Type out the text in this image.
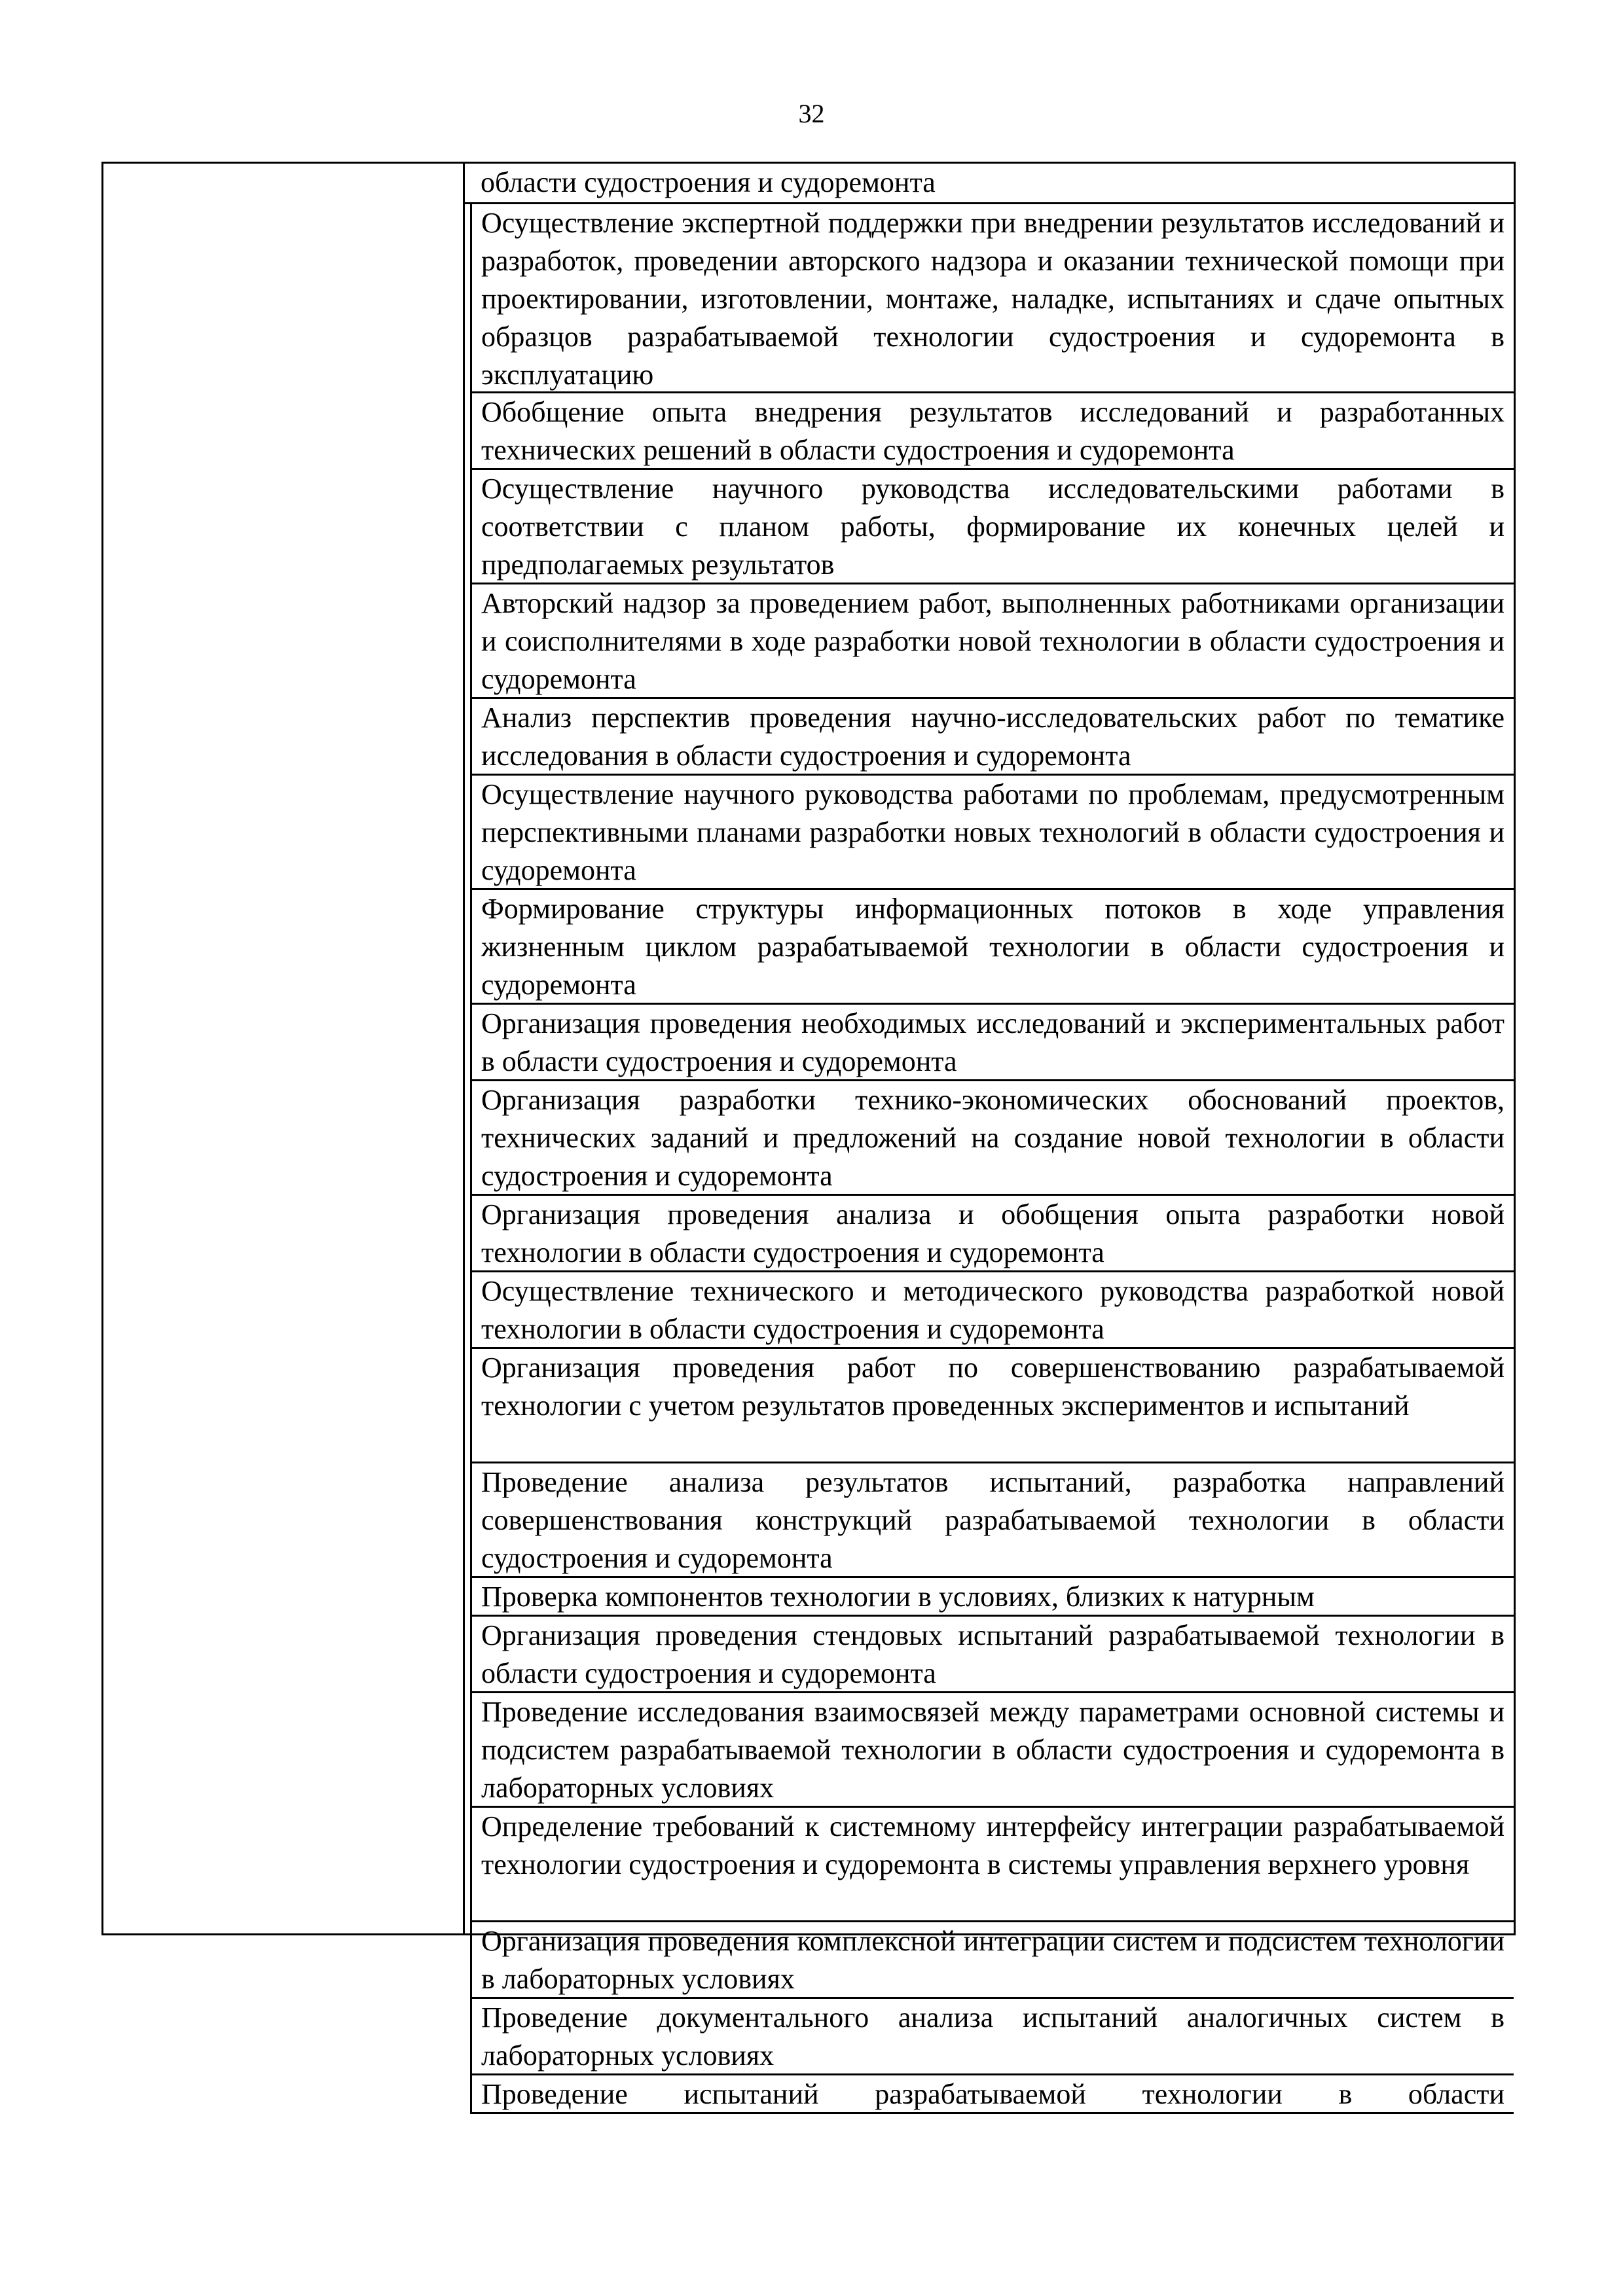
32
области судостроения и судоремонта
Осуществление экспертной поддержки при внедрении результатов исследований и разработок, проведении авторского надзора и оказании технической помощи при проектировании, изготовлении, монтаже, наладке, испытаниях и сдаче опытных образцов разрабатываемой технологии судостроения и судоремонта в эксплуатацию
Обобщение опыта внедрения результатов исследований и разработанных технических решений в области судостроения и судоремонта
Осуществление научного руководства исследовательскими работами в соответствии с планом работы, формирование их конечных целей и предполагаемых результатов
Авторский надзор за проведением работ, выполненных работниками организации и соисполнителями в ходе разработки новой технологии в области судостроения и судоремонта
Анализ перспектив проведения научно-исследовательских работ по тематике исследования в области судостроения и судоремонта
Осуществление научного руководства работами по проблемам, предусмотренным перспективными планами разработки новых технологий в области судостроения и судоремонта
Формирование структуры информационных потоков в ходе управления жизненным циклом разрабатываемой технологии в области судостроения и судоремонта
Организация проведения необходимых исследований и экспериментальных работ в области судостроения и судоремонта
Организация разработки технико-экономических обоснований проектов, технических заданий и предложений на создание новой технологии в области судостроения и судоремонта
Организация проведения анализа и обобщения опыта разработки новой технологии в области судостроения и судоремонта
Осуществление технического и методического руководства разработкой новой технологии в области судостроения и судоремонта
Организация проведения работ по совершенствованию разрабатываемой технологии с учетом результатов проведенных экспериментов и испытаний
Проведение анализа результатов испытаний, разработка направлений совершенствования конструкций разрабатываемой технологии в области судостроения и судоремонта
Проверка компонентов технологии в условиях, близких к натурным
Организация проведения стендовых испытаний разрабатываемой технологии в области судостроения и судоремонта
Проведение исследования взаимосвязей между параметрами основной системы и подсистем разрабатываемой технологии в области судостроения и судоремонта в лабораторных условиях
Определение требований к системному интерфейсу интеграции разрабатываемой технологии судостроения и судоремонта в системы управления верхнего уровня
Организация проведения комплексной интеграции систем и подсистем технологии в лабораторных условиях
Проведение документального анализа испытаний аналогичных систем в лабораторных условиях
Проведение испытаний разрабатываемой технологии в области
